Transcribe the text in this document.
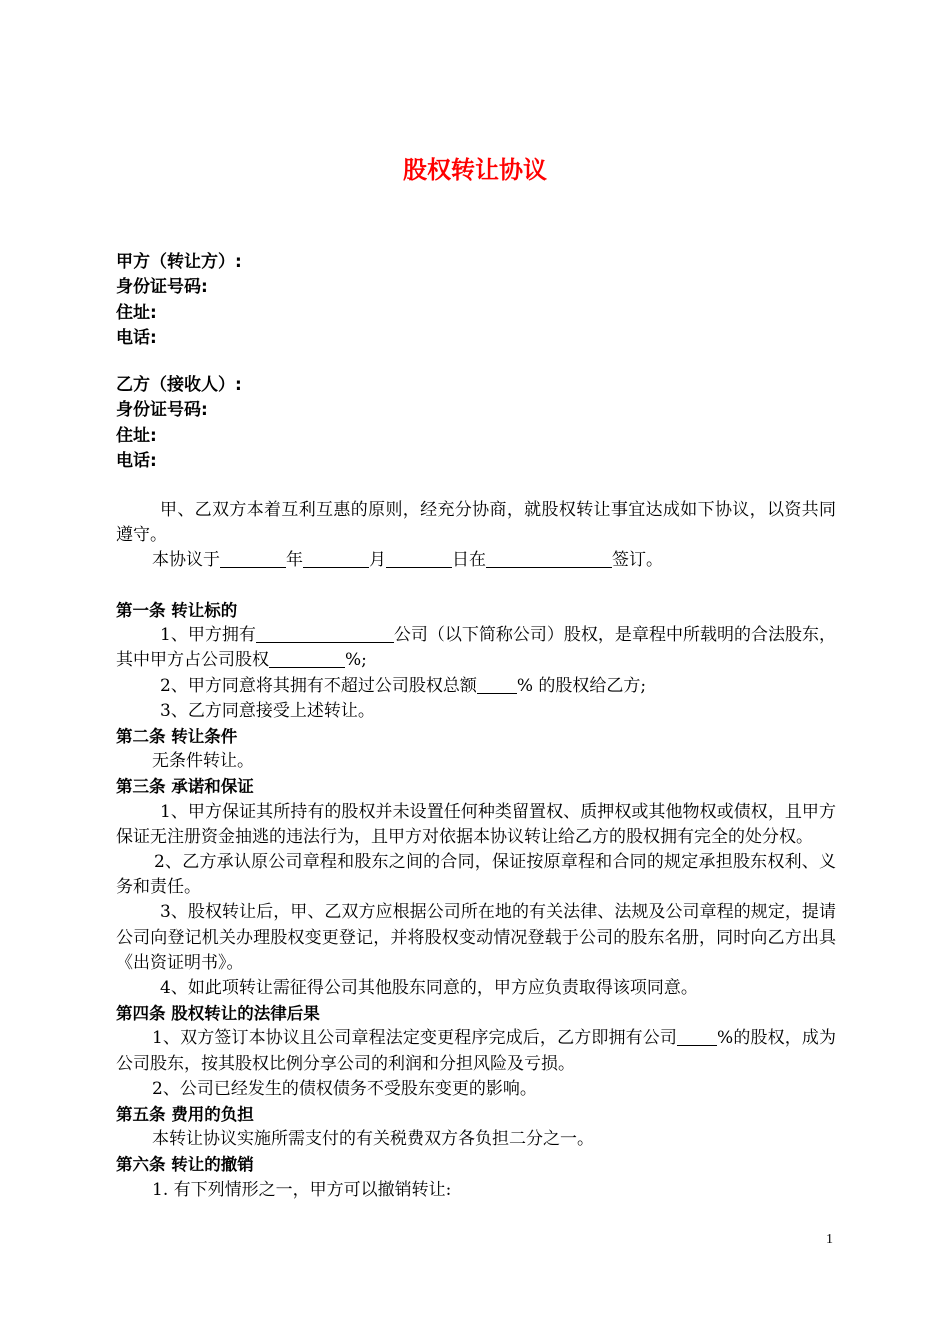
股权转让协议
甲方（转让方）:
身份证号码:
住址:
电话:
乙方（接收人）:
身份证号码:
住址:
电话:

甲、乙双方本着互利互惠的原则，经充分协商，就股权转让事宜达成如下协议，以资共同遵守。

本协议于	年	月	日在	签订。

第一条 转让标的

1、甲方拥有	公司（以下简称公司）股权，是章程中所载明的合法股东，其中甲方占公司股权	%;

2、甲方同意将其拥有不超过公司股权总额 % 的股权给乙方;

3、乙方同意接受上述转让。

第二条 转让条件

无条件转让。

第三条 承诺和保证

1、甲方保证其所持有的股权并未设置任何种类留置权、质押权或其他物权或债权，且甲方保证无注册资金抽逃的违法行为，且甲方对依据本协议转让给乙方的股权拥有完全的处分权。

2、乙方承认原公司章程和股东之间的合同，保证按原章程和合同的规定承担股东权利、义务和责任。

3、股权转让后，甲、乙双方应根据公司所在地的有关法律、法规及公司章程的规定，提请公司向登记机关办理股权变更登记，并将股权变动情况登载于公司的股东名册，同时向乙方出具《出资证明书》。

4、如此项转让需征得公司其他股东同意的，甲方应负责取得该项同意。

第四条 股权转让的法律后果

1、双方签订本协议且公司章程法定变更程序完成后，乙方即拥有公司 %的股权，成为公司股东，按其股权比例分享公司的利润和分担风险及亏损。

2、公司已经发生的债权债务不受股东变更的影响。

第五条 费用的负担

本转让协议实施所需支付的有关税费双方各负担二分之一。

第六条 转让的撤销

1. 有下列情形之一，甲方可以撤销转让:

1
